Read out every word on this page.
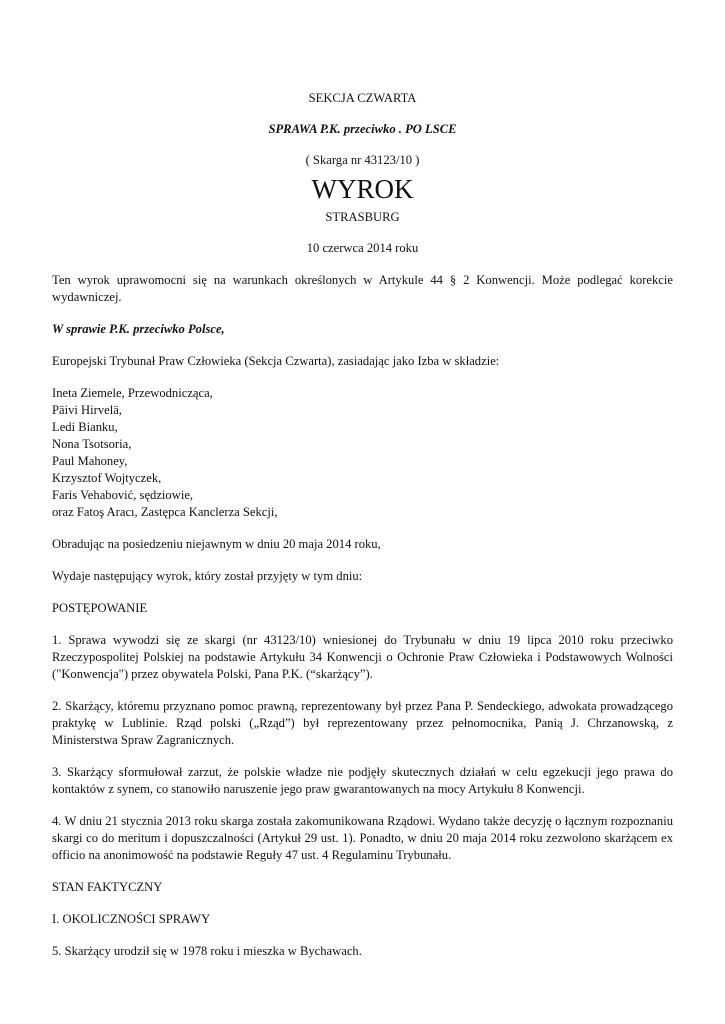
SEKCJA CZWARTA
SPRAWA P.K. przeciwko . PO LSCE
( Skarga nr 43123/10 )
WYROK
STRASBURG
10 czerwca 2014 roku

Ten wyrok uprawomocni się na warunkach określonych w Artykule 44 § 2 Konwencji. Może podlegać korekcie wydawniczej.

W sprawie P.K. przeciwko Polsce,

Europejski Trybunał Praw Człowieka (Sekcja Czwarta), zasiadając jako Izba w składzie:

Ineta Ziemele, Przewodnicząca,
Päivi Hirvelä,
Ledi Bianku,
Nona Tsotsoria,
Paul Mahoney,
Krzysztof Wojtyczek,
Faris Vehabović, sędziowie,
oraz Fatoş Aracı, Zastępca Kanclerza Sekcji,

Obradując na posiedzeniu niejawnym w dniu 20 maja 2014 roku,

Wydaje następujący wyrok, który został przyjęty w tym dniu:

POSTĘPOWANIE

1. Sprawa wywodzi się ze skargi (nr 43123/10) wniesionej do Trybunału w dniu 19 lipca 2010 roku przeciwko Rzeczypospolitej Polskiej na podstawie Artykułu 34 Konwencji o Ochronie Praw Człowieka i Podstawowych Wolności ("Konwencja") przez obywatela Polski, Pana P.K. (“skarżący”).

2. Skarżący, któremu przyznano pomoc prawną, reprezentowany był przez Pana P. Sendeckiego, adwokata prowadzącego praktykę w Lublinie. Rząd polski („Rząd”) był reprezentowany przez pełnomocnika, Panią J. Chrzanowską, z Ministerstwa Spraw Zagranicznych.

3. Skarżący sformułował zarzut, że polskie władze nie podjęły skutecznych działań w celu egzekucji jego prawa do kontaktów z synem, co stanowiło naruszenie jego praw gwarantowanych na mocy Artykułu 8 Konwencji.

4. W dniu 21 stycznia 2013 roku skarga została zakomunikowana Rządowi. Wydano także decyzję o łącznym rozpoznaniu skargi co do meritum i dopuszczalności (Artykuł 29 ust. 1). Ponadto, w dniu 20 maja 2014 roku zezwolono skarżącem ex officio na anonimowość na podstawie Reguły 47 ust. 4 Regulaminu Trybunału.

STAN FAKTYCZNY

I. OKOLICZNOŚCI SPRAWY

5. Skarżący urodził się w 1978 roku i mieszka w Bychawach.
